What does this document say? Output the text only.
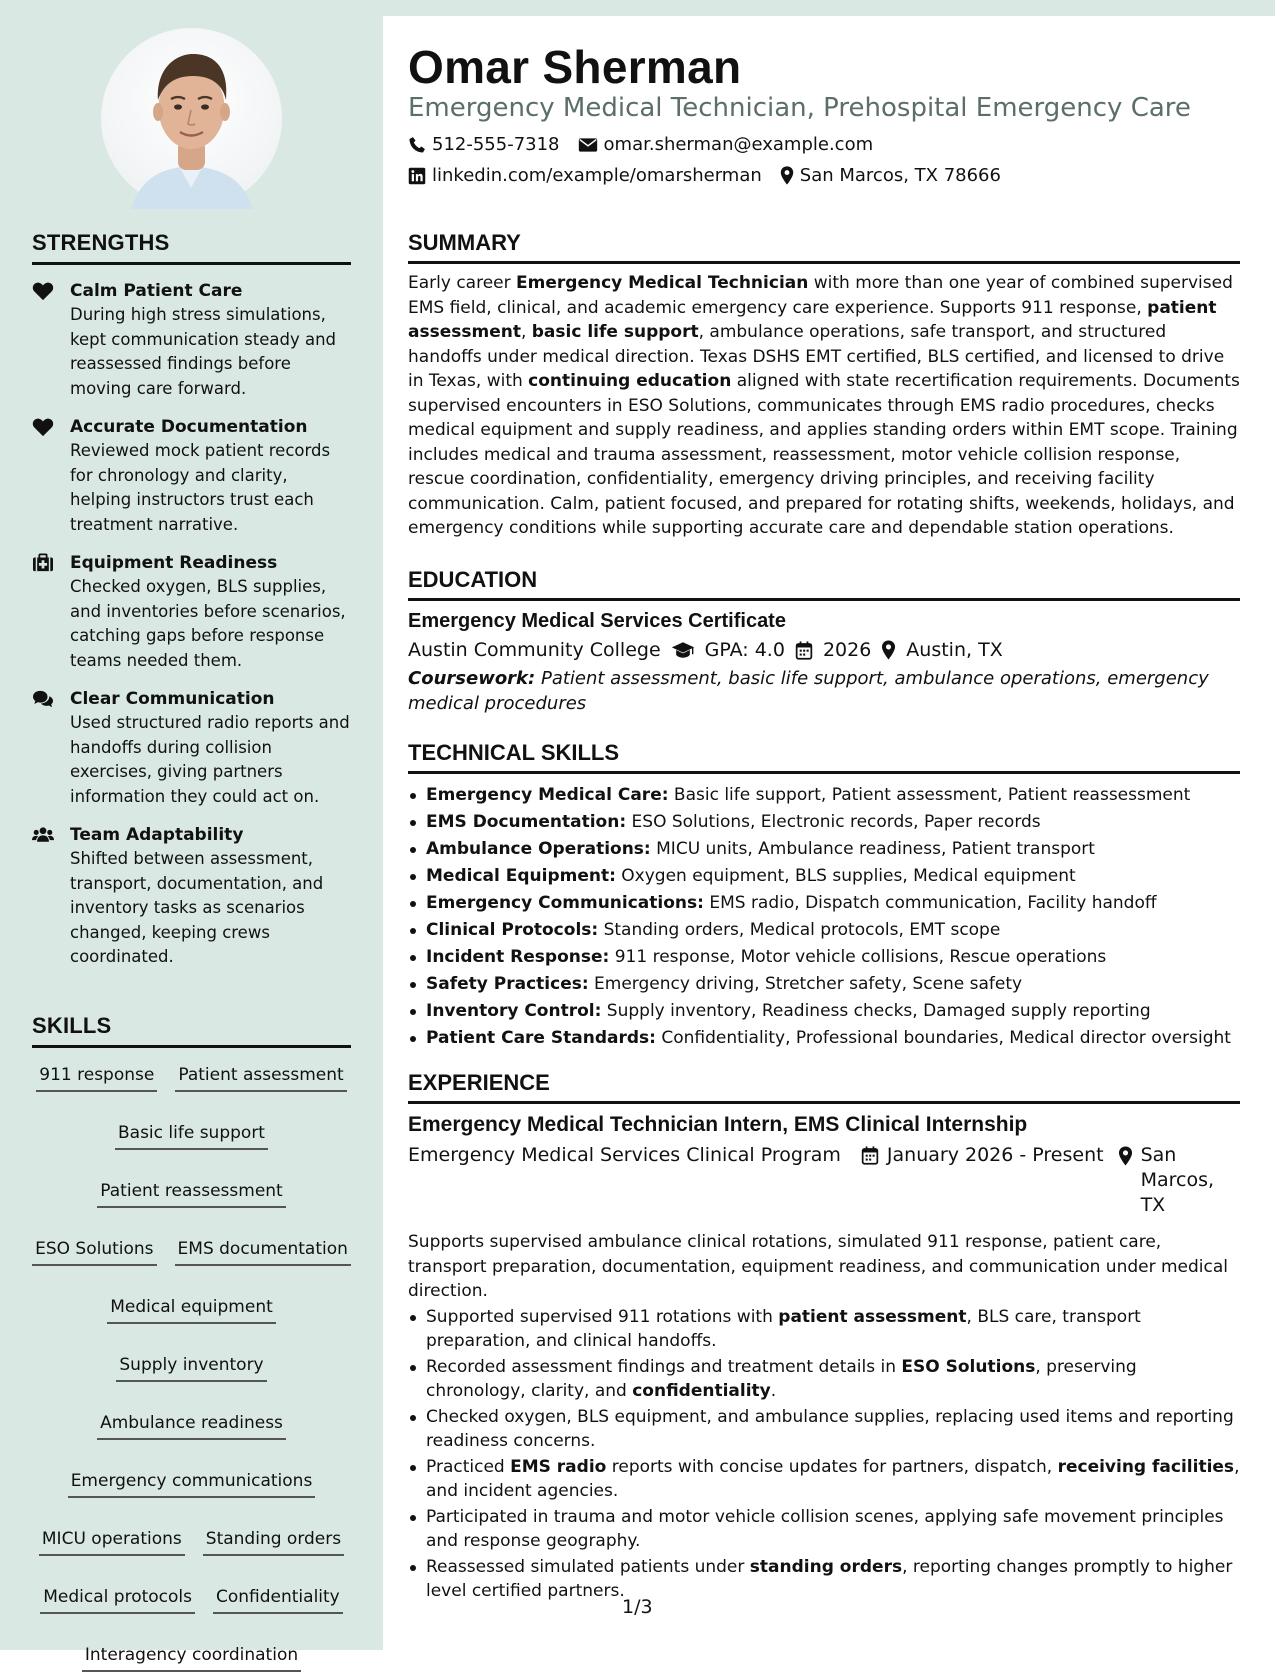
STRENGTHS
Calm Patient Care
During high stress simulations, kept communication steady and reassessed findings before moving care forward.
Accurate Documentation
Reviewed mock patient records for chronology and clarity, helping instructors trust each treatment narrative.
Equipment Readiness
Checked oxygen, BLS supplies, and inventories before scenarios, catching gaps before response teams needed them.
Clear Communication
Used structured radio reports and handoffs during collision exercises, giving partners information they could act on.
Team Adaptability
Shifted between assessment, transport, documentation, and inventory tasks as scenarios changed, keeping crews coordinated.
SKILLS
911 response Patient assessment
Basic life support
Patient reassessment
ESO Solutions EMS documentation
Medical equipment
Supply inventory
Ambulance readiness
Emergency communications
MICU operations Standing orders
Medical protocols Confidentiality
Interagency coordination
Omar Sherman
Emergency Medical Technician, Prehospital Emergency Care
512-555-7318 omar.sherman@example.com
linkedin.com/example/omarsherman San Marcos, TX 78666
SUMMARY
Early career Emergency Medical Technician with more than one year of combined supervised EMS field, clinical, and academic emergency care experience. Supports 911 response, patient assessment, basic life support, ambulance operations, safe transport, and structured handoffs under medical direction. Texas DSHS EMT certified, BLS certified, and licensed to drive in Texas, with continuing education aligned with state recertification requirements. Documents supervised encounters in ESO Solutions, communicates through EMS radio procedures, checks medical equipment and supply readiness, and applies standing orders within EMT scope. Training includes medical and trauma assessment, reassessment, motor vehicle collision response, rescue coordination, confidentiality, emergency driving principles, and receiving facility communication. Calm, patient focused, and prepared for rotating shifts, weekends, holidays, and emergency conditions while supporting accurate care and dependable station operations.
EDUCATION
Emergency Medical Services Certificate
Austin Community College GPA: 4.0 2026 Austin, TX
Coursework: Patient assessment, basic life support, ambulance operations, emergency medical procedures
TECHNICAL SKILLS
Emergency Medical Care: Basic life support, Patient assessment, Patient reassessment
EMS Documentation: ESO Solutions, Electronic records, Paper records
Ambulance Operations: MICU units, Ambulance readiness, Patient transport
Medical Equipment: Oxygen equipment, BLS supplies, Medical equipment
Emergency Communications: EMS radio, Dispatch communication, Facility handoff
Clinical Protocols: Standing orders, Medical protocols, EMT scope
Incident Response: 911 response, Motor vehicle collisions, Rescue operations
Safety Practices: Emergency driving, Stretcher safety, Scene safety
Inventory Control: Supply inventory, Readiness checks, Damaged supply reporting
Patient Care Standards: Confidentiality, Professional boundaries, Medical director oversight
EXPERIENCE
Emergency Medical Technician Intern, EMS Clinical Internship
Emergency Medical Services Clinical Program January 2026 - Present San Marcos, TX
Supports supervised ambulance clinical rotations, simulated 911 response, patient care, transport preparation, documentation, equipment readiness, and communication under medical direction.
Supported supervised 911 rotations with patient assessment, BLS care, transport preparation, and clinical handoffs.
Recorded assessment findings and treatment details in ESO Solutions, preserving chronology, clarity, and confidentiality.
Checked oxygen, BLS equipment, and ambulance supplies, replacing used items and reporting readiness concerns.
Practiced EMS radio reports with concise updates for partners, dispatch, receiving facilities, and incident agencies.
Participated in trauma and motor vehicle collision scenes, applying safe movement principles and response geography.
Reassessed simulated patients under standing orders, reporting changes promptly to higher level certified partners.
1/3
